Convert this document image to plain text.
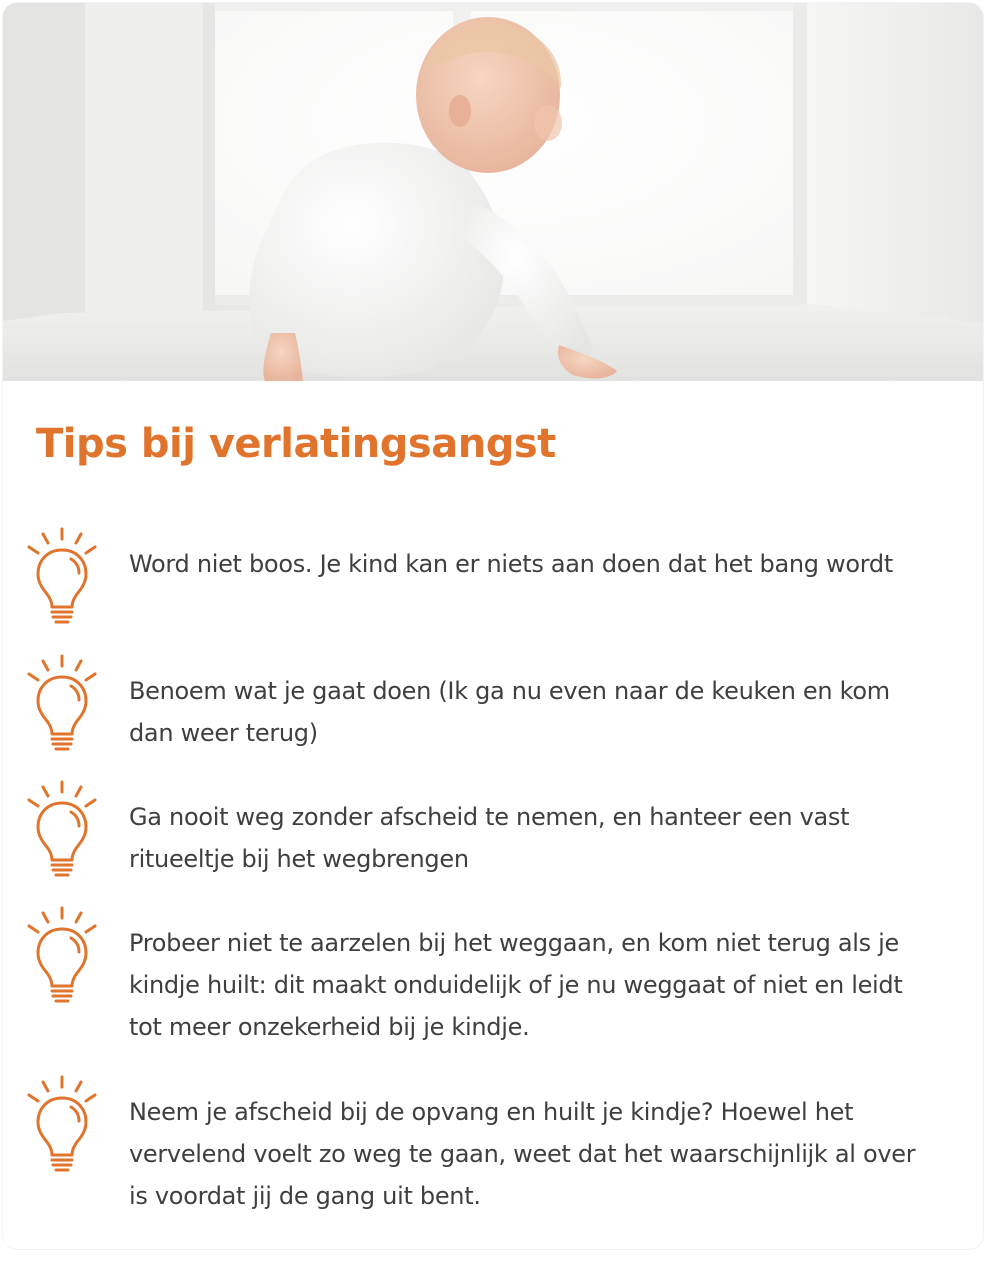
Tips bij verlatingsangst

Word niet boos. Je kind kan er niets aan doen dat het bang wordt

Benoem wat je gaat doen (Ik ga nu even naar de keuken en kom dan weer terug)

Ga nooit weg zonder afscheid te nemen, en hanteer een vast ritueeltje bij het wegbrengen

Probeer niet te aarzelen bij het weggaan, en kom niet terug als je kindje huilt: dit maakt onduidelijk of je nu weggaat of niet en leidt tot meer onzekerheid bij je kindje.

Neem je afscheid bij de opvang en huilt je kindje? Hoewel het vervelend voelt zo weg te gaan, weet dat het waarschijnlijk al over is voordat jij de gang uit bent.
